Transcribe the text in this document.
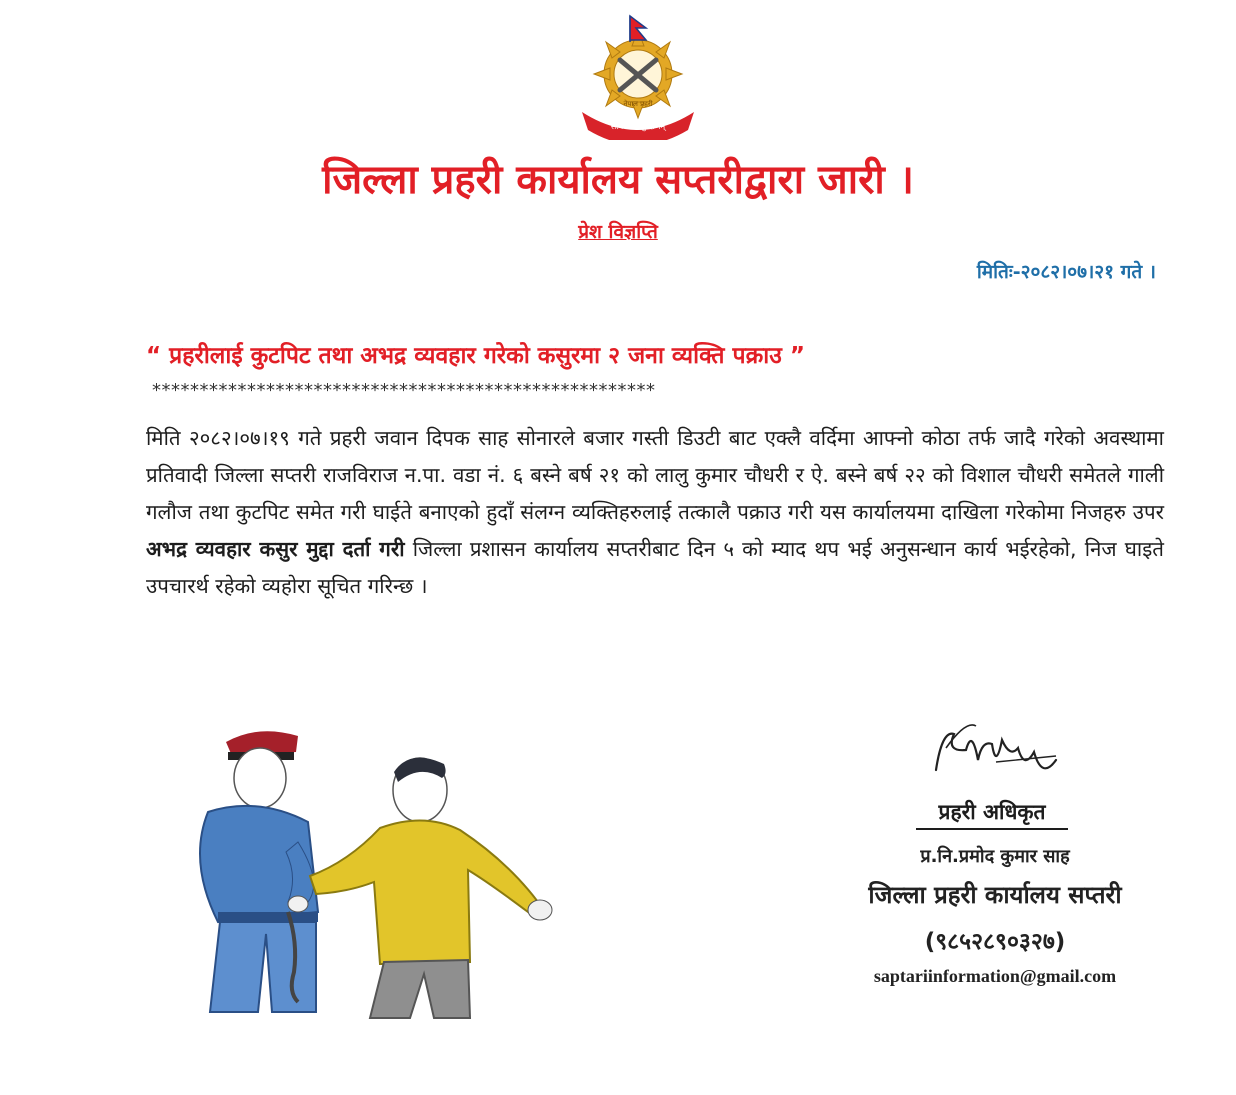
सत्य सेवा सुरक्षणम्
नेपाल प्रहरी
जिल्ला प्रहरी कार्यालय सप्तरीद्वारा जारी ।
प्रेश विज्ञप्ति
मितिः-२०८२।०७।२१ गते ।
“ प्रहरीलाई कुटपिट तथा अभद्र व्यवहार गरेको कसुरमा २ जना व्यक्ति पक्राउ ”
*****************************************************
मिति २०८२।०७।१९ गते प्रहरी जवान दिपक साह सोनारले बजार गस्ती डिउटी बाट एक्लै वर्दिमा आफ्नो कोठा तर्फ जादै गरेको अवस्थामा प्रतिवादी जिल्ला सप्तरी राजविराज न.पा. वडा नं. ६ बस्ने बर्ष २१ को लालु कुमार चौधरी र ऐ. बस्ने बर्ष २२ को विशाल चौधरी समेतले गाली गलौज तथा कुटपिट समेत गरी घाईते बनाएको हुदाँ संलग्न व्यक्तिहरुलाई तत्कालै पक्राउ गरी यस कार्यालयमा दाखिला गरेकोमा निजहरु उपर अभद्र व्यवहार कसुर मुद्दा दर्ता गरी जिल्ला प्रशासन कार्यालय सप्तरीबाट दिन ५ को म्याद थप भई अनुसन्धान कार्य भईरहेको, निज घाइते उपचारर्थ रहेको व्यहोरा सूचित गरिन्छ ।
प्रहरी अधिकृत
प्र.नि.प्रमोद कुमार साह
जिल्ला प्रहरी कार्यालय सप्तरी
(९८५२८९०३२७)
saptariinformation@gmail.com
